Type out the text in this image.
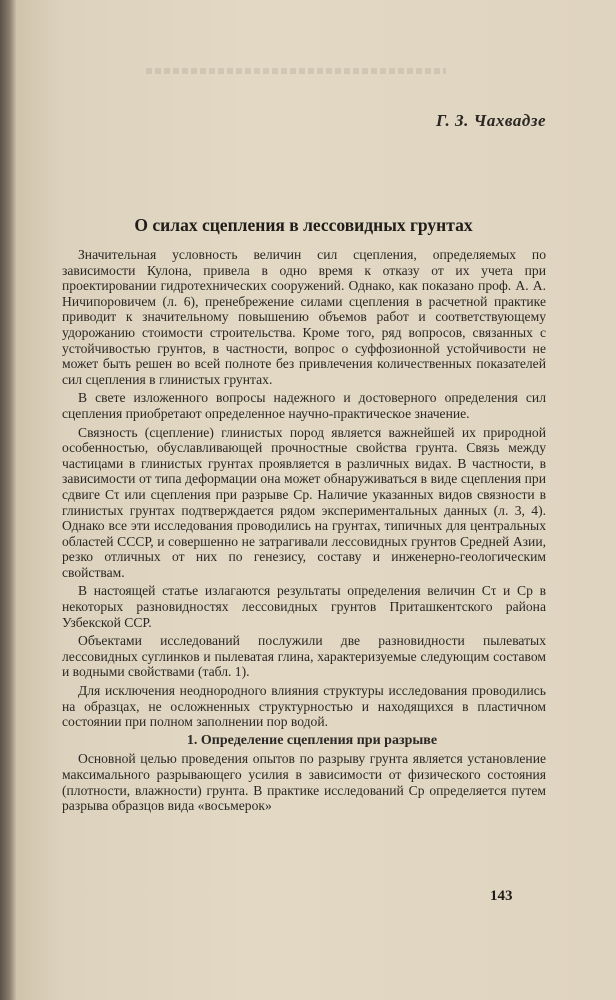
Г. З. Чахвадзе
О силах сцепления в лессовидных грунтах

Значительная условность величин сил сцепления, определяемых по зависимости Кулона, привела в одно время к отказу от их учета при проектировании гидротехнических сооружений. Однако, как показано проф. А. А. Ничипоровичем (л. 6), пренебрежение силами сцепления в расчетной практике приводит к значительному повышению объемов работ и соответствующему удорожанию стоимости строительства. Кроме того, ряд вопросов, связанных с устойчивостью грунтов, в частности, вопрос о суффозионной устойчивости не может быть решен во всей полноте без привлечения количественных показателей сил сцепления в глинистых грунтах.

В свете изложенного вопросы надежного и достоверного определения сил сцепления приобретают определенное научно-практическое значение.

Связность (сцепление) глинистых пород является важнейшей их природной особенностью, обуславливающей прочностные свойства грунта. Связь между частицами в глинистых грунтах проявляется в различных видах. В частности, в зависимости от типа деформации она может обнаруживаться в виде сцепления при сдвиге Cτ или сцепления при разрыве Cp. Наличие указанных видов связности в глинистых грунтах подтверждается рядом экспериментальных данных (л. 3, 4). Однако все эти исследования проводились на грунтах, типичных для центральных областей СССР, и совершенно не затрагивали лессовидных грунтов Средней Азии, резко отличных от них по генезису, составу и инженерно-геологическим свойствам.

В настоящей статье излагаются результаты определения величин Cτ и Cp в некоторых разновидностях лессовидных грунтов Приташкентского района Узбекской ССР.

Объектами исследований послужили две разновидности пылеватых лессовидных суглинков и пылеватая глина, характеризуемые следующим составом и водными свойствами (табл. 1).

Для исключения неоднородного влияния структуры исследования проводились на образцах, не осложненных структурностью и находящихся в пластичном состоянии при полном заполнении пор водой.

1. Определение сцепления при разрыве

Основной целью проведения опытов по разрыву грунта является установление максимального разрывающего усилия в зависимости от физического состояния (плотности, влажности) грунта. В практике исследований Cp определяется путем разрыва образцов вида «восьмерок»

143
